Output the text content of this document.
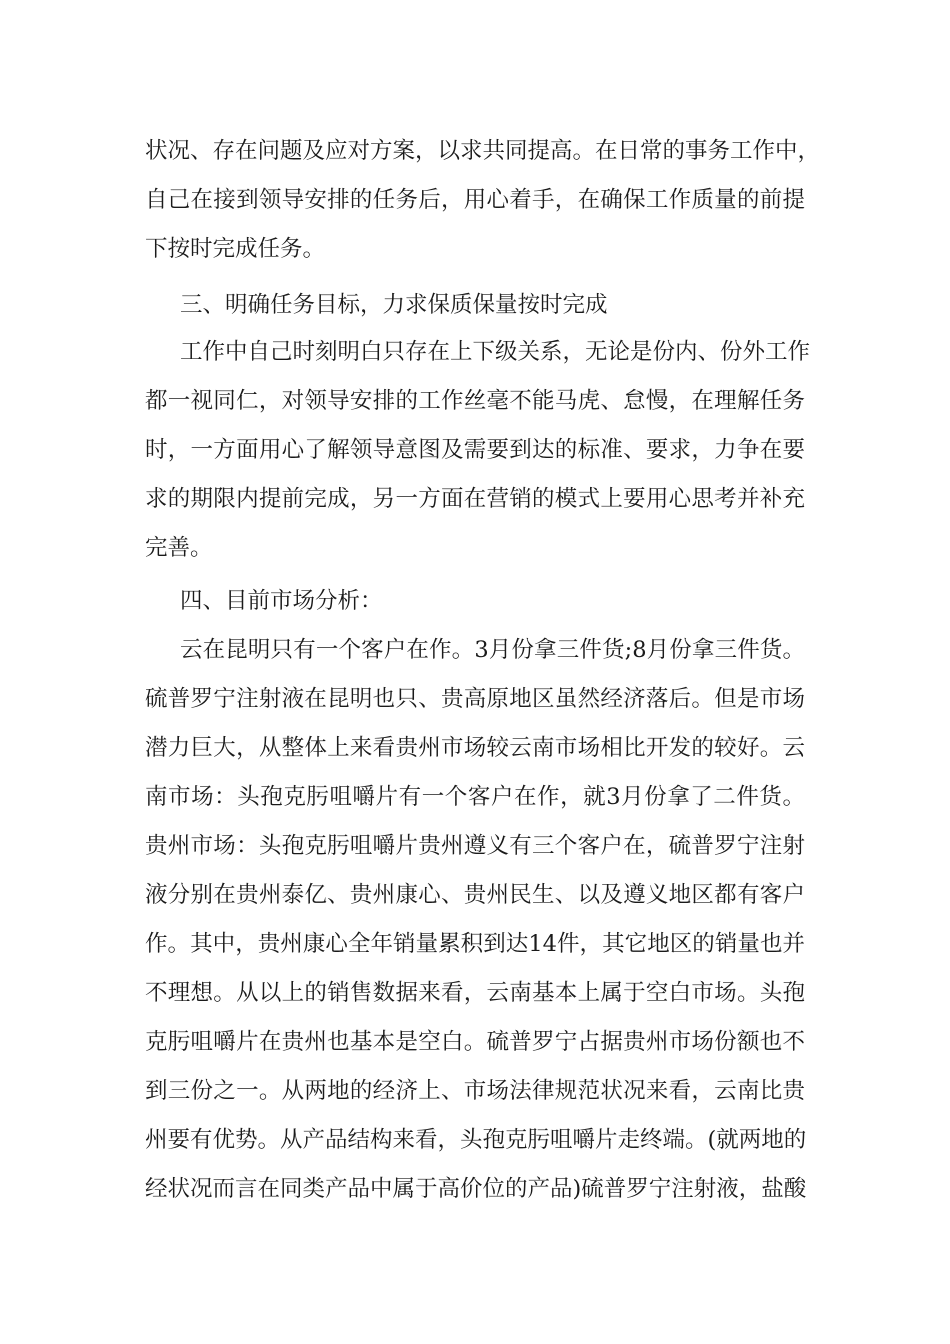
状况、存在问题及应对方案，以求共同提高。在日常的事务工作中，
自己在接到领导安排的任务后，用心着手，在确保工作质量的前提
下按时完成任务。
三、明确任务目标，力求保质保量按时完成
工作中自己时刻明白只存在上下级关系，无论是份内、份外工作
都一视同仁，对领导安排的工作丝毫不能马虎、怠慢，在理解任务
时，一方面用心了解领导意图及需要到达的标准、要求，力争在要
求的期限内提前完成，另一方面在营销的模式上要用心思考并补充
完善。
四、目前市场分析：
云在昆明只有一个客户在作。3月份拿三件货;8月份拿三件货。
硫普罗宁注射液在昆明也只、贵高原地区虽然经济落后。但是市场
潜力巨大，从整体上来看贵州市场较云南市场相比开发的较好。云
南市场：头孢克肟咀嚼片有一个客户在作，就3月份拿了二件货。
贵州市场：头孢克肟咀嚼片贵州遵义有三个客户在，硫普罗宁注射
液分别在贵州泰亿、贵州康心、贵州民生、以及遵义地区都有客户
作。其中，贵州康心全年销量累积到达14件，其它地区的销量也并
不理想。从以上的销售数据来看，云南基本上属于空白市场。头孢
克肟咀嚼片在贵州也基本是空白。硫普罗宁占据贵州市场份额也不
到三份之一。从两地的经济上、市场法律规范状况来看，云南比贵
州要有优势。从产品结构来看，头孢克肟咀嚼片走终端。(就两地的
经状况而言在同类产品中属于高价位的产品)硫普罗宁注射液，盐酸
